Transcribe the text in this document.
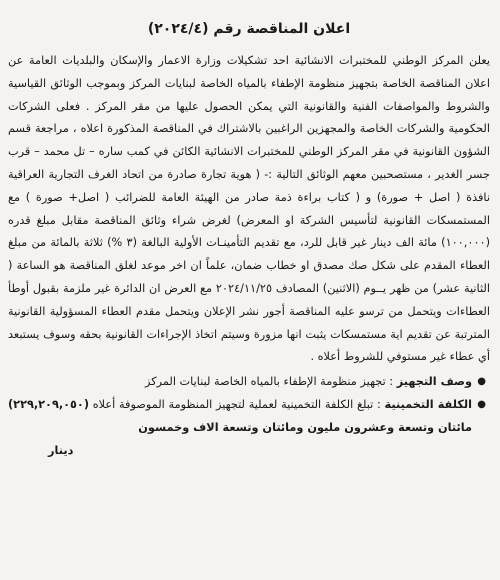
اعلان المناقصة رقم (٢٠٢٤/٤)

يعلن المركز الوطني للمختبرات الانشائية احد تشكيلات وزارة الاعمار والإسكان والبلديات العامة عن اعلان المناقصة الخاصة بتجهيز منظومة الإطفاء بالمياه الخاصة لبنايات المركز وبموجب الوثائق القياسية والشروط والمواصفات الفنية والقانونية التي يمكن الحصول عليها من مقر المركز . فعلى الشركات الحكومية والشركات الخاصة والمجهزين الراغبين بالاشتراك في المناقصة المذكورة اعلاه ، مراجعة قسم الشؤون القانونية في مقر المركز الوطني للمختبرات الانشائية الكائن في كمب ساره – تل محمد – قرب جسر الغدير ، مستصحبين معهم الوثائق التالية :- ( هوية تجارة صادرة من اتحاد الغرف التجارية العراقية نافذة ( اصل + صورة) و ( كتاب براءة ذمة صادر من الهيئة العامة للضرائب ( اصل+ صورة ) مع المستمسكات القانونية لتأسيس الشركة او المعرض) لغرض شراء وثائق المناقصة مقابل مبلغ قدره (١٠٠,٠٠٠) مائة الف دينار غير قابل للرد، مع تقديم التأمينـات الأولية البالغة (٣ %) ثلاثة بالمائة من مبلغ العطاء المقدم على شكل صك مصدق او خطاب ضمان، علماً ان اخر موعد لغلق المناقصة هو الساعة ( الثانية عشر) من ظهر يــوم (الاثنين) المصادف ٢٠٢٤/١١/٢٥ مع العرض ان الدائرة غير ملزمة بقبول أوطأ العطاءات ويتحمل من ترسو عليه المناقصة أجور نشر الإعلان ويتحمل مقدم العطاء المسؤولية القانونية المترتبة عن تقديم اية مستمسكات يثبت انها مزورة وسيتم اتخاذ الإجراءات القانونية بحقه وسوف يستبعد أي عطاء غير مستوفي للشروط أعلاه .

●
وصف التجهيز : تجهيز منظومة الإطفاء بالمياه الخاصة لبنايات المركز
●
الكلفة التخمينية : تبلغ الكلفة التخمينية لعملية لتجهيز المنظومة الموصوفة أعلاه (٢٢٩,٢٠٩,٠٥٠) مائتان وتسعة وعشرون مليون ومائتان وتسعة الاف وخمسون

دينار
